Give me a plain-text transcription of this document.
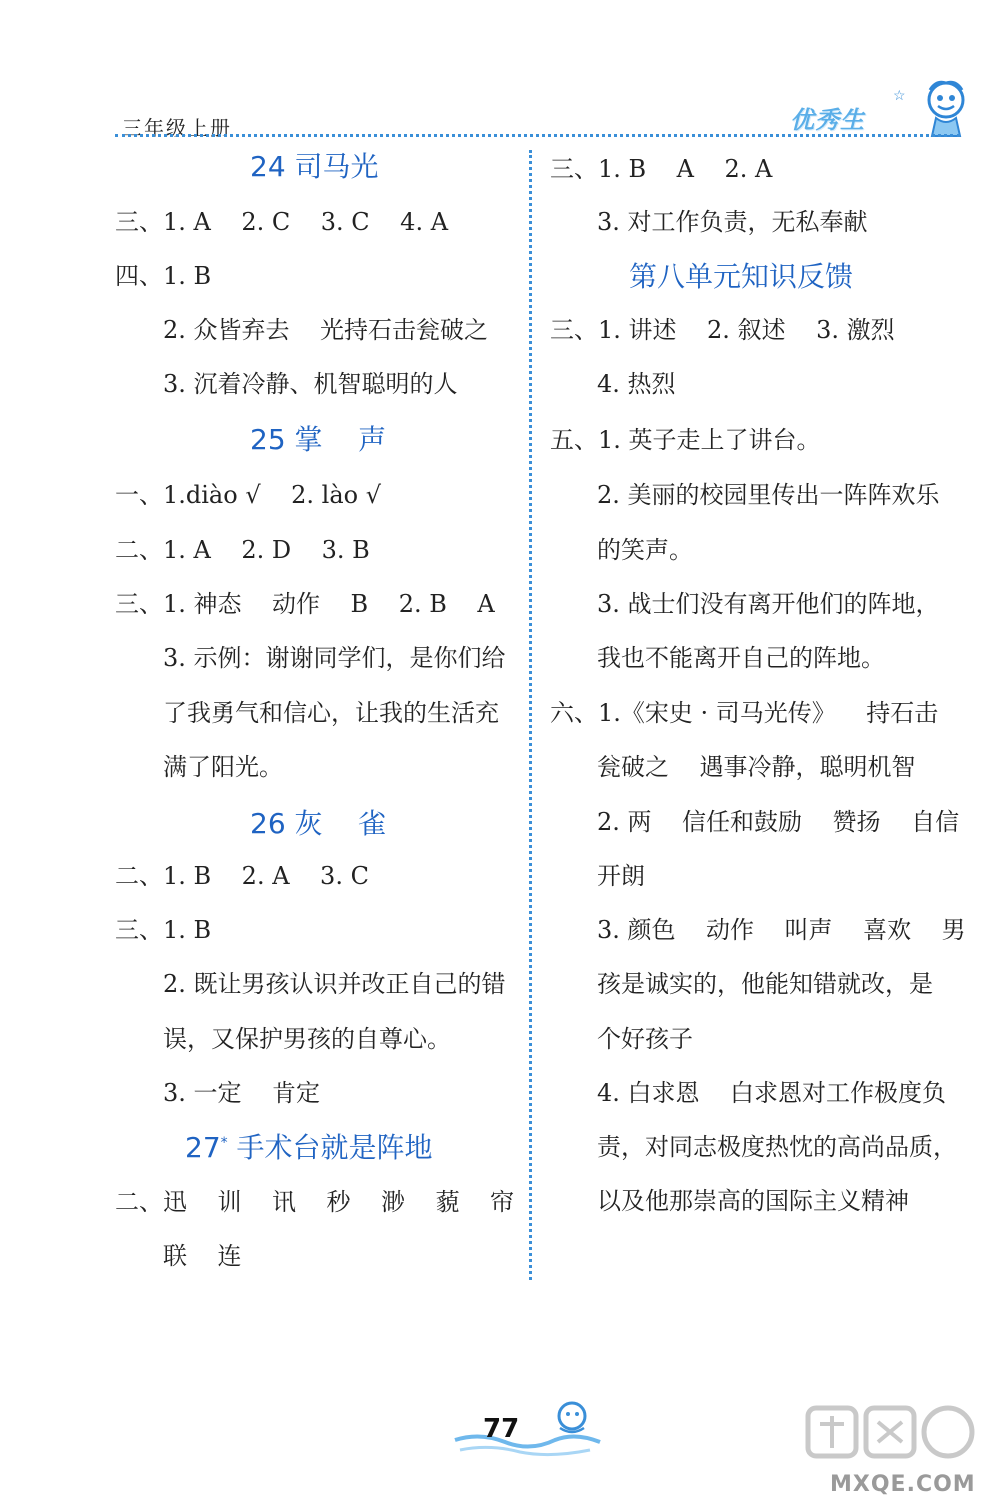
三年级上册	优秀生
☆
24 司马光
三、1. A    2. C    3. C    4. A
四、1. B
2. 众皆弃去    光持石击瓮破之
3. 沉着冷静、机智聪明的人
25 掌    声
一、1.diào √    2. lào √
二、1. A    2. D    3. B
三、1. 神态    动作    B    2. B    A
3. 示例：谢谢同学们，是你们给
了我勇气和信心，让我的生活充
满了阳光。
26 灰    雀
二、1. B    2. A    3. C
三、1. B
2. 既让男孩认识并改正自己的错
误，又保护男孩的自尊心。
3. 一定    肯定
27* 手术台就是阵地
二、迅    训    讯    秒    渺    藐    帘
联    连
三、1. B    A    2. A
3. 对工作负责，无私奉献
第八单元知识反馈
三、1. 讲述    2. 叙述    3. 激烈
4. 热烈
五、1. 英子走上了讲台。
2. 美丽的校园里传出一阵阵欢乐
的笑声。
3. 战士们没有离开他们的阵地，
我也不能离开自己的阵地。
六、1.《宋史 · 司马光传》    持石击
瓮破之    遇事冷静，聪明机智
2. 两    信任和鼓励    赞扬    自信
开朗
3. 颜色    动作    叫声    喜欢    男
孩是诚实的，他能知错就改，是
个好孩子
4. 白求恩    白求恩对工作极度负
责，对同志极度热忱的高尚品质，
以及他那崇高的国际主义精神
77
MXQE.COM
